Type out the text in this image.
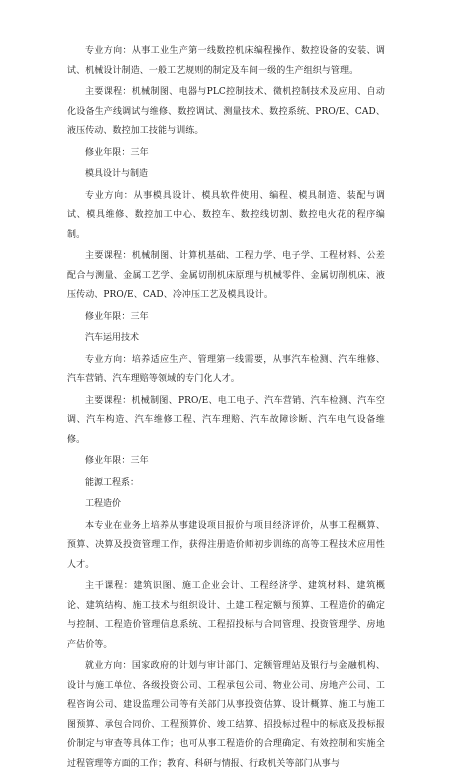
专业方向：从事工业生产第一线数控机床编程操作、数控设备的安装、调试、机械设计制造、一般工艺规则的制定及车间一级的生产组织与管理。

主要课程：机械制图、电器与PLC控制技术、微机控制技术及应用、自动化设备生产线调试与维修、数控调试、测量技术、数控系统、PRO/E、CAD、液压传动、数控加工技能与训练。

修业年限：三年

模具设计与制造

专业方向：从事模具设计、模具软件使用、编程、模具制造、装配与调试、模具维修、数控加工中心、数控车、数控线切割、数控电火花的程序编制。

主要课程：机械制图、计算机基础、工程力学、电子学、工程材料、公差配合与测量、金属工艺学、金属切削机床原理与机械零件、金属切削机床、液压传动、PRO/E、CAD、冷冲压工艺及模具设计。

修业年限：三年

汽车运用技术

专业方向：培养适应生产、管理第一线需要，从事汽车检测、汽车维修、汽车营销、汽车理赔等领域的专门化人才。

主要课程：机械制图、PRO/E、电工电子、汽车营销、汽车检测、汽车空调、汽车构造、汽车维修工程、汽车理赔、汽车故障诊断、汽车电气设备维修。

修业年限：三年

能源工程系：

工程造价

本专业在业务上培养从事建设项目报价与项目经济评价，从事工程概算、预算、决算及投资管理工作，获得注册造价师初步训练的高等工程技术应用性人才。

主干课程：建筑识图、施工企业会计、工程经济学、建筑材料、建筑概论、建筑结构、施工技术与组织设计、土建工程定额与预算、工程造价的确定与控制、工程造价管理信息系统、工程招投标与合同管理、投资管理学、房地产估价等。

就业方向：国家政府的计划与审计部门、定额管理站及银行与金融机构、设计与施工单位、各级投资公司、工程承包公司、物业公司、房地产公司、工程咨询公司、建设监理公司等有关部门从事投资估算、设计概算、施工与施工图预算、承包合同价、工程预算价、竣工结算、招投标过程中的标底及投标报价制定与审查等具体工作；也可从事工程造价的合理确定、有效控制和实施全过程管理等方面的工作；教育、科研与情报、行政机关等部门从事与
